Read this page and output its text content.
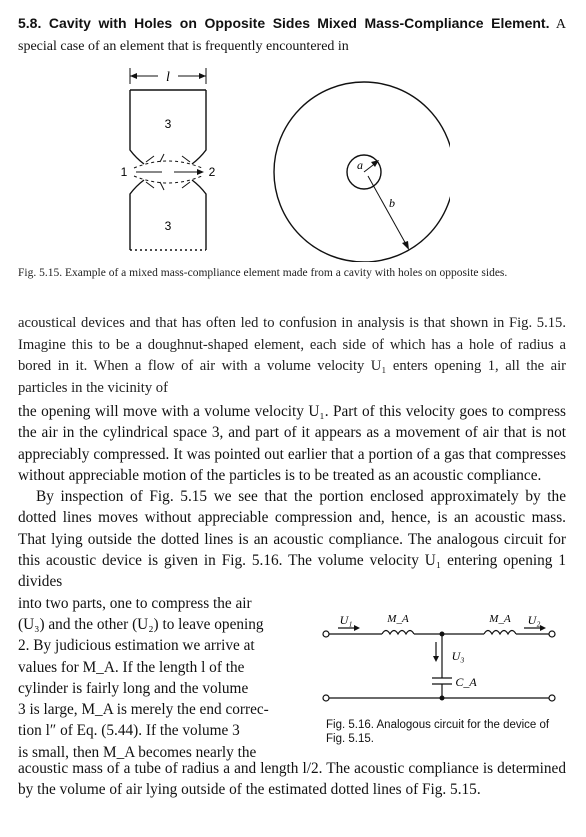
5.8. Cavity with Holes on Opposite Sides Mixed Mass-Compliance Element. A special case of an element that is frequently encountered in
l
3
3
1	2	a
b
Fig. 5.15. Example of a mixed mass-compliance element made from a cavity with holes on opposite sides.
acoustical devices and that has often led to confusion in analysis is that shown in Fig. 5.15. Imagine this to be a doughnut-shaped element, each side of which has a hole of radius a bored in it. When a flow of air with a volume velocity U₁ enters opening 1, all the air particles in the vicinity of

the opening will move with a volume velocity U₁. Part of this velocity goes to compress the air in the cylindrical space 3, and part of it appears as a movement of air that is not appreciably compressed. It was pointed out earlier that a portion of a gas that compresses without appreciable motion of the particles is to be treated as an acoustic compliance.

By inspection of Fig. 5.15 we see that the portion enclosed approximately by the dotted lines moves without appreciable compression and, hence, is an acoustic mass. That lying outside the dotted lines is an acoustic compliance. The analogous circuit for this acoustic device is given in Fig. 5.16. The volume velocity U₁ entering opening 1 divides

into two parts, one to compress the air
(U₃) and the other (U₂) to leave opening
2. By judicious estimation we arrive at
values for M_A. If the length l of the
cylinder is fairly long and the volume
3 is large, M_A is merely the end correc-
tion l″ of Eq. (5.44). If the volume 3
is small, then M_A becomes nearly the
U₁	M_A	M_A U₂
U₃
C_A
Fig. 5.16. Analogous circuit for the device of Fig. 5.15.
acoustic mass of a tube of radius a and length l/2. The acoustic compliance is determined by the volume of air lying outside of the estimated dotted lines of Fig. 5.15.
